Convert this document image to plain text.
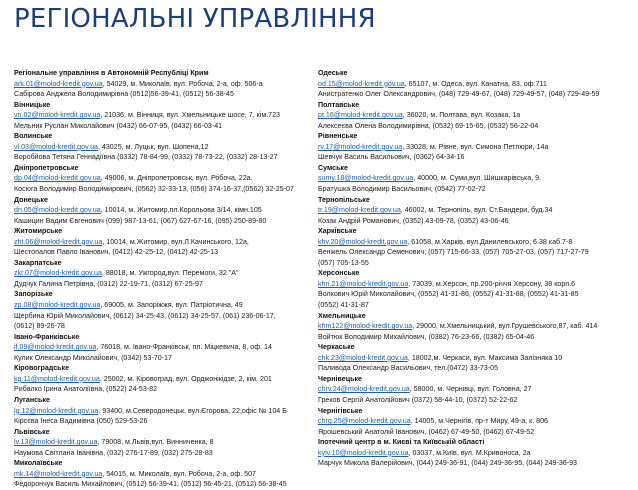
РЕГІОНАЛЬНІ УПРАВЛІННЯ
Регіональне управління в Автономній Республіці Крим
ark.01@molod-kredit.gov.ua, 54029, м. Миколаїв, вул. Робоча, 2-а, оф. 506-а
Сабірова Анджела Володимирівна (0512)56-39-41, (0512) 56-38-45
Вінницьке
vn.02@molod-kredit.gov.ua, 21036, м. Вінниця, вул. Хмельницьке шосе, 7, кім.723
Мельник Руслан Миколайович (0432) 66-07-95, (0432) 66-03-41
Волинське
vl.03@molod-kredit.gov.ua, 43025, м. Луцьк, вул. Шопена,12
Воробйова Тетяна Геннадіївна (0332) 78-84-99, (0332) 78-73-22, (0332) 28-13-27
Дніпропетровське
dp.04@molod-kredit.gov.ua, 49006, м. Дніпропетровськ, вул. Робоча, 22а.
Косюга Володимир Володимирович, (0562) 32-33-13, (056) 374-16-37,(0562) 32-25-07
Донецьке
dn.05@molod-kredit.gov.ua, 10014, м. Житомир,пл.Корольова 3/14, кімн.105
Кашицин Вадим Євгенович (099) 987-13-61, (067) 627-67-16, (095) 250-89-80
Житомирське
zht.06@molod-kredit.gov.ua, 10014, м.Житомир, вул.Л.Качинського, 12а,
Шестопалов Павло Іванович, (0412) 42-25-12, (0412) 42-25-13
Закарпатське
zkr.07@molod-kredit.gov.ua, 88018, м. Ужгород,вул. Перемоги, 32 "А"
Дудчук Галина Петрівна, (0312) 22-19-71, (0312) 67-25-97
Запорізьке
zp.08@molod-kredit.gov.ua, 69005, м. Запоріжжя, вул. Патріотична, 49
Щербина Юрій Миколайович, (0612) 34-25-43, (0612) 34-25-57, (061) 236-06-17,
(0612) 89-26-78
Івано-Франківське
if.09@molod-kredit.gov.ua, 76018, м. Івано-Франківськ, пл. Міцкевича, 8, оф. 14
Кулик Олександр Миколайович, (0342) 53-70-17
Кіровоградське
kg.11@molod-kredit.gov.ua, 25002, м. Кіровоград, вул. Орджонікідзе, 2, кім. 201
Рибалко Ірина Анатоліївна, (0522) 24-53-82
Луганське
lg.12@molod-kredit.gov.ua, 93400, м.Северодонецьк, вул.Єгорова, 22,офіс № 104 Б
Кірсєва Інеса Вадимівна (050) 529-53-26
Львівське
lv.13@molod-kredit.gov.ua, 79008, м.Львів,вул. Винниченка, 8
Наумова Світлана Іванівна, (032) 276-17-89, (032) 275-28-83
Миколаївське
mk.14@molod-kredit.gov.ua, 54015, м. Миколаїв, вул. Робоча, 2-а, оф. 507
Федорончук Василь Михайлович, (0512) 56-39-41, (0512) 56-45-21, (0512) 56-38-45
Одеське
od.15@molod-kredit.gov.ua, 65107, м. Одеса, вул. Канатна, 83, оф.711
Анистратенко Олег Олександрович, (048) 729-49-67, (048) 729-49-57, (048) 729-49-59
Полтавське
pt.16@molod-kredit.gov.ua, 36020, м. Полтава, вул. Козака, 1а
Алексеєва Олена Володимирівна, (0532) 69-15-65, (0532) 56-22-04
Рівненське
rv.17@molod-kredit.gov.ua, 33028, м. Рівне, вул. Симона Петлюри, 14а
Шевчук Василь Васильович, (0362) 64-34-16
Сумське
sumy.18@molod-kredit.gov.ua, 40000, м. Суми,вул. Шишкарівська, 9.
Братушка Володимир Васильович, (0542) 77-02-72
Тернопільське
tr.19@molod-kredit.gov.ua, 46002, м. Тернопіль, вул. Ст.Бандери, буд.34
Козак Андрій Романович, (0352) 43-09-78, (0352) 43-06-46
Харківське
khv.20@molod-kredit.gov.ua, 61058, м.Харків, вул.Данилевського, 6.38 каб.7-8
Венжель Олександр Семенович, (057) 715-66-33, (057) 705-27-03, (057) 717-27-79
(057) 705-13-55
Херсонське
khn.21@molod-kredit.gov.ua, 73039, м.Херсон, пр.200-річчя Херсону, 38 корп.6
Волкович Юрій Миколайович, (0552) 41-31-86, (0552) 41-31-88, (0552) 41-31-85
(0552) 41-31-87
Хмельницьке
khm122@molod-kredit.gov.ua, 29000, м.Хмельницький, вул.Грушевського,87, каб. 414
Войтюк Володимир Михайлович, (0382) 76-23-66, (0382) 65-04-46
Черкаське
chk.23@molod-kredit.gov.ua, 18002,м. Черкаси, вул. Максима Залізняка 10
Паливода Олександр Васильович, тел.(0472) 33-73-05
Чернівецьке
chrv.24@molod-kredit.gov.ua, 58000, м. Чернівці, вул. Головна, 27
Греков Сергій Анатолійович (0372) 58-44-10, (0372) 52-22-62
Чернігівське
chrg.25@molod-kredit.gov.ua. 14005, м.Чернігів, пр-т Миру, 49-а, к. 806
Ярошевський Анатолій Іванович, (0462) 67-49-50, (0462) 67-49-52
Іпотечний центр в м. Києві та Київській області
kyiv.10@molod-kredit.gov.ua, 03037, м.Київ, вул. М.Кривоноса, 2а
Марчук Микола Валерійович, (044) 249-36-91, (044) 249-36-95, (044) 249-36-93
